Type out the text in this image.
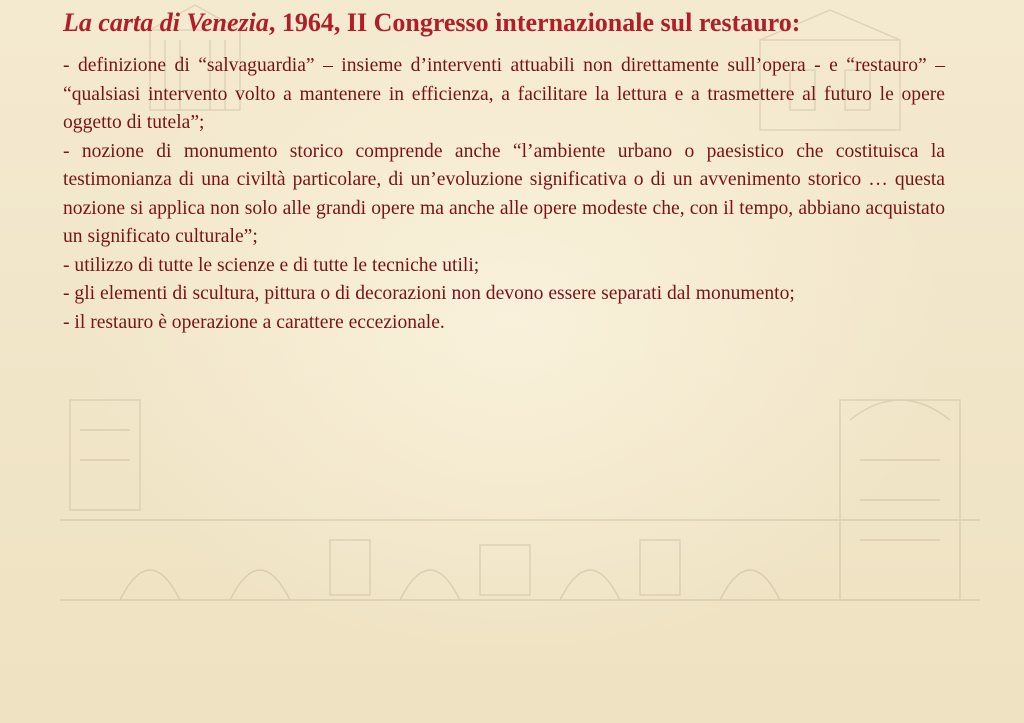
La carta di Venezia, 1964, II Congresso internazionale sul restauro:
- definizione di “salvaguardia” – insieme d’interventi attuabili non direttamente sull’opera - e “restauro” – “qualsiasi intervento volto a mantenere in efficienza, a facilitare la lettura e a trasmettere al futuro le opere oggetto di tutela”;
- nozione di monumento storico comprende anche “l’ambiente urbano o paesistico che costituisca la testimonianza di una civiltà particolare, di un’evoluzione significativa o di un avvenimento storico … questa nozione si applica non solo alle grandi opere ma anche alle opere modeste che, con il tempo, abbiano acquistato un significato culturale”;
- utilizzo di tutte le scienze e di tutte le tecniche utili;
- gli elementi di scultura, pittura o di decorazioni non devono essere separati dal monumento;
- il restauro è operazione a carattere eccezionale.
